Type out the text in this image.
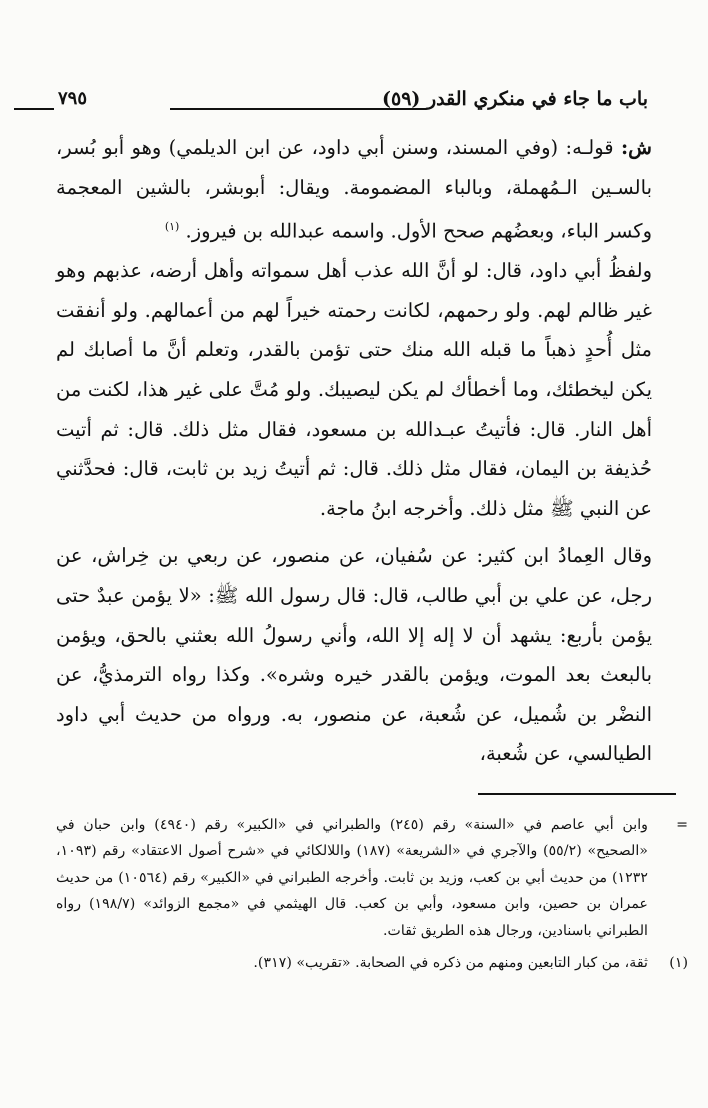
باب ما جاء في منكري القدر (٥٩)
٧٩٥

ش: قولـه: (وفي المسند، وسنن أبي داود، عن ابن الديلمي) وهو أبو بُسر، بالسـين الـمُهملة، وبالباء المضمومة. ويقال: أبوبشر، بالشين المعجمة وكسر الباء، وبعضُهم صحح الأول. واسمه عبدالله بن فيروز. $^{(١)}$

ولفظُ أبي داود، قال: لو أنَّ الله عذب أهل سمواته وأهل أرضه، عذبهم وهو غير ظالم لهم. ولو رحمهم، لكانت رحمته خيراً لهم من أعمالهم. ولو أنفقت مثل أُحدٍ ذهباً ما قبله الله منك حتى تؤمن بالقدر، وتعلم أنَّ ما أصابك لم يكن ليخطئك، وما أخطأك لم يكن ليصيبك. ولو مُتَّ على غير هذا، لكنت من أهل النار. قال: فأتيتُ عبـدالله بن مسعود، فقال مثل ذلك. قال: ثم أتيت حُذيفة بن اليمان، فقال مثل ذلك. قال: ثم أتيتُ زيد بن ثابت، قال: فحدَّثني عن النبي ﷺ مثل ذلك. وأخرجه ابنُ ماجة.

وقال العِمادُ ابن كثير: عن سُفيان، عن منصور، عن ربعي بن خِراش، عن رجل، عن علي بن أبي طالب، قال: قال رسول الله ﷺ: «لا يؤمن عبدٌ حتى يؤمن بأربع: يشهد أن لا إله إلا الله، وأني رسولُ الله بعثني بالحق، ويؤمن بالبعث بعد الموت، ويؤمن بالقدر خيره وشره». وكذا رواه الترمذيُّ، عن النضْر بن شُميل، عن شُعبة، عن منصور، به. ورواه من حديث أبي داود الطيالسي، عن شُعبة،

=
وابن أبي عاصم في «السنة» رقم (٢٤٥) والطبراني في «الكبير» رقم (٤٩٤٠) وابن حبان في «الصحيح» (٥٥/٢) والآجري في «الشريعة» (١٨٧) واللالكائي في «شرح أصول الاعتقاد» رقم (١٠٩٣، ١٢٣٢) من حديث أبي بن كعب، وزيد بن ثابت. وأخرجه الطبراني في «الكبير» رقم (١٠٥٦٤) من حديث عمران بن حصين، وابن مسعود، وأبي بن كعب. قال الهيثمي في «مجمع الزوائد» (١٩٨/٧) رواه الطبراني باسنادين، ورجال هذه الطريق ثقات.

(١)
ثقة، من كبار التابعين ومنهم من ذكره في الصحابة. «تقريب» (٣١٧).
